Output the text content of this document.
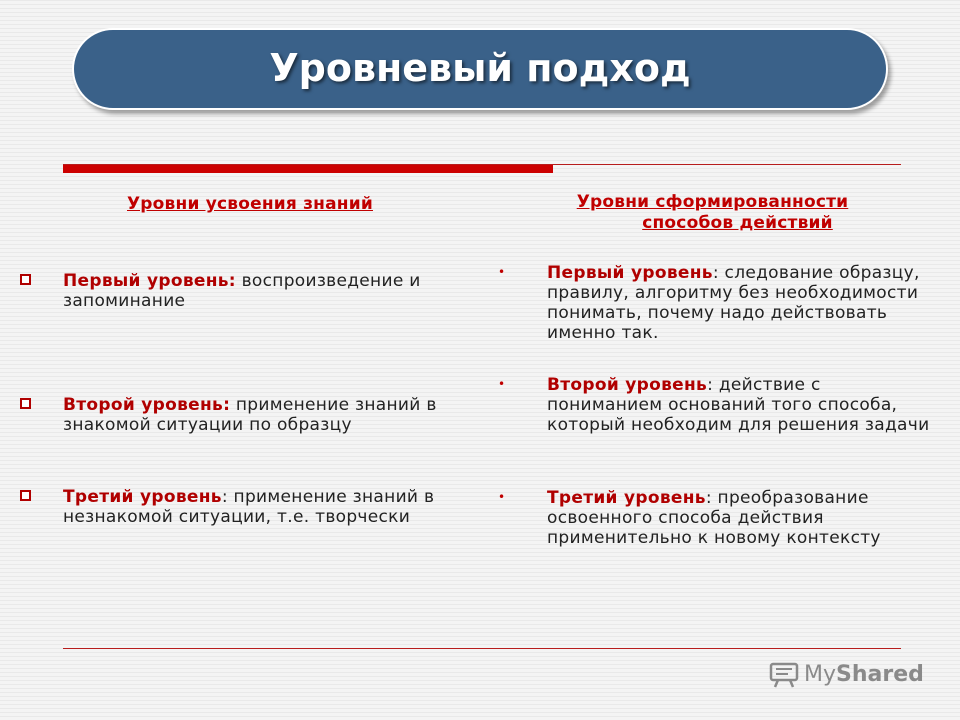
Уровневый подход
Уровни усвоения знаний
Первый уровень: воспроизведение и запоминание
Второй уровень: применение знаний в знакомой ситуации по образцу
Третий уровень: применение знаний в незнакомой ситуации, т.е. творчески
Уровни сформированности
способов действий
• Первый уровень: следование образцу, правилу, алгоритму без необходимости понимать, почему надо действовать именно так.
• Второй уровень: действие с пониманием оснований того способа, который необходим для решения задачи
• Третий уровень: преобразование освоенного способа действия применительно к новому контексту
MyShared
